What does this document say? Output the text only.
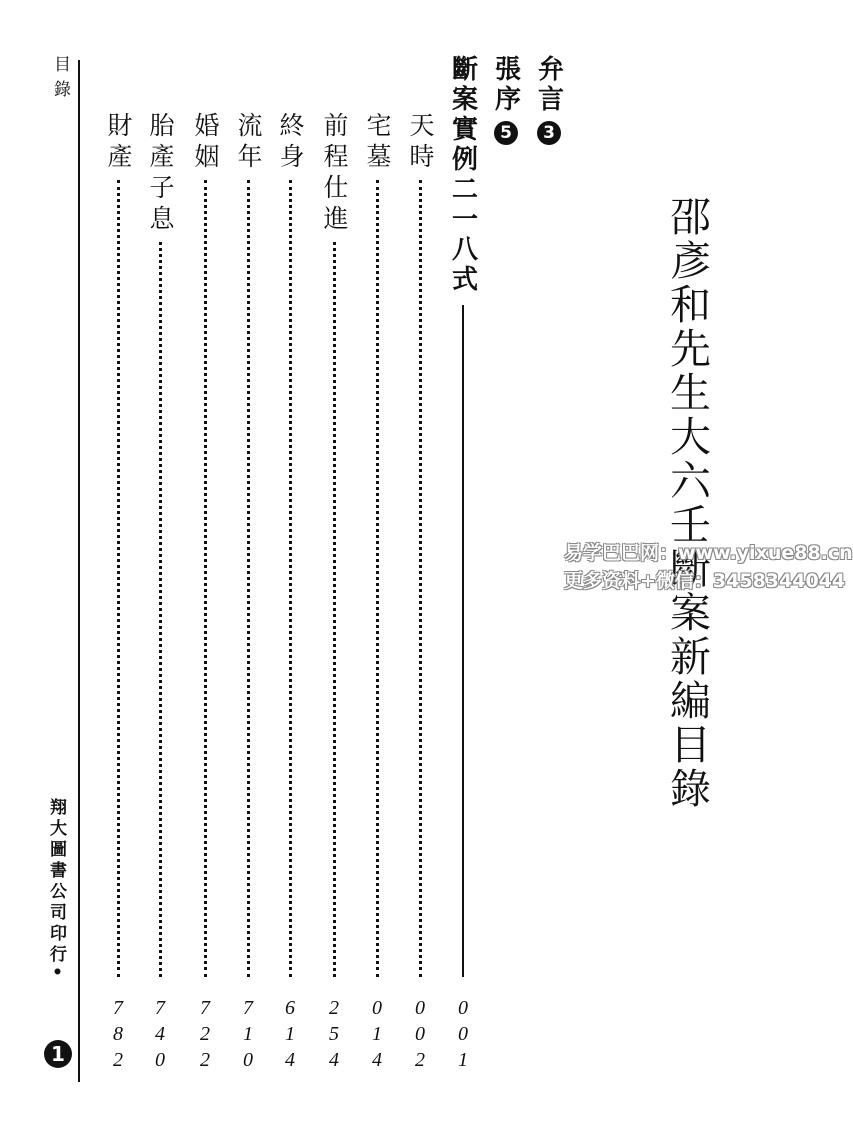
目錄
翔大圖書公司印行•
1
弁言
3
張序
5
斷案實例二一八式
0
0
1
天時
0
0
2
宅墓
0
1
4
前程仕進
2
5
4
終身
6
1
4
流年
7
1
0
婚姻
7
2
2
胎產子息
7
4
0
財產
7
8
2
邵彥和先生大六壬斷案新編目錄
易学巴巴网：www.yixue88.cn
更多资料+微信：3458344044
